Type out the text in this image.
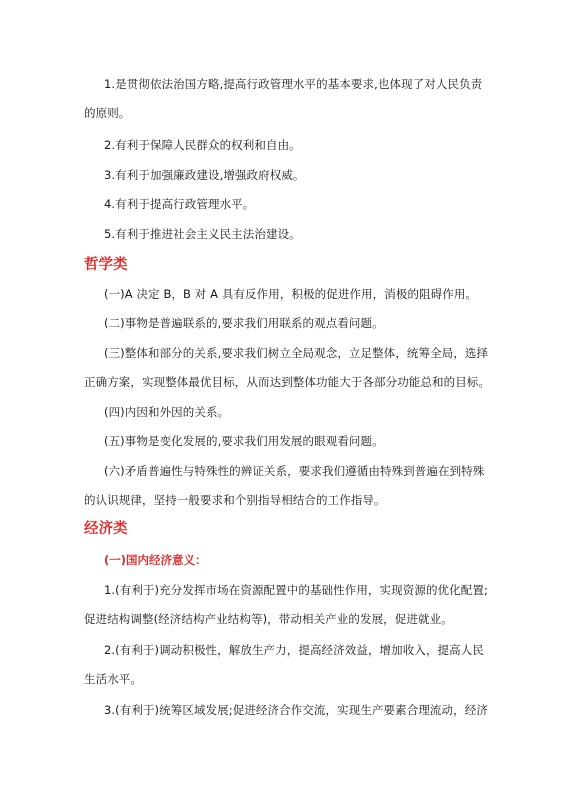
1.是贯彻依法治国方略,提高行政管理水平的基本要求,也体现了对人民负责
的原则。
2.有利于保障人民群众的权利和自由。
3.有利于加强廉政建设,增强政府权威。
4.有利于提高行政管理水平。
5.有利于推进社会主义民主法治建设。
哲学类
(一)A 决定 B，B 对 A 具有反作用，积极的促进作用，消极的阻碍作用。
(二)事物是普遍联系的,要求我们用联系的观点看问题。
(三)整体和部分的关系,要求我们树立全局观念，立足整体，统筹全局，选择
正确方案，实现整体最优目标，从而达到整体功能大于各部分功能总和的目标。
(四)内因和外因的关系。
(五)事物是变化发展的,要求我们用发展的眼观看问题。
(六)矛盾普遍性与特殊性的辨证关系，要求我们遵循由特殊到普遍在到特殊
的认识规律，坚持一般要求和个别指导相结合的工作指导。
经济类
(一)国内经济意义：
1.(有利于)充分发挥市场在资源配置中的基础性作用，实现资源的优化配置;
促进结构调整(经济结构产业结构等)，带动相关产业的发展，促进就业。
2.(有利于)调动积极性，解放生产力，提高经济效益，增加收入，提高人民
生活水平。
3.(有利于)统筹区域发展;促进经济合作交流，实现生产要素合理流动，经济
